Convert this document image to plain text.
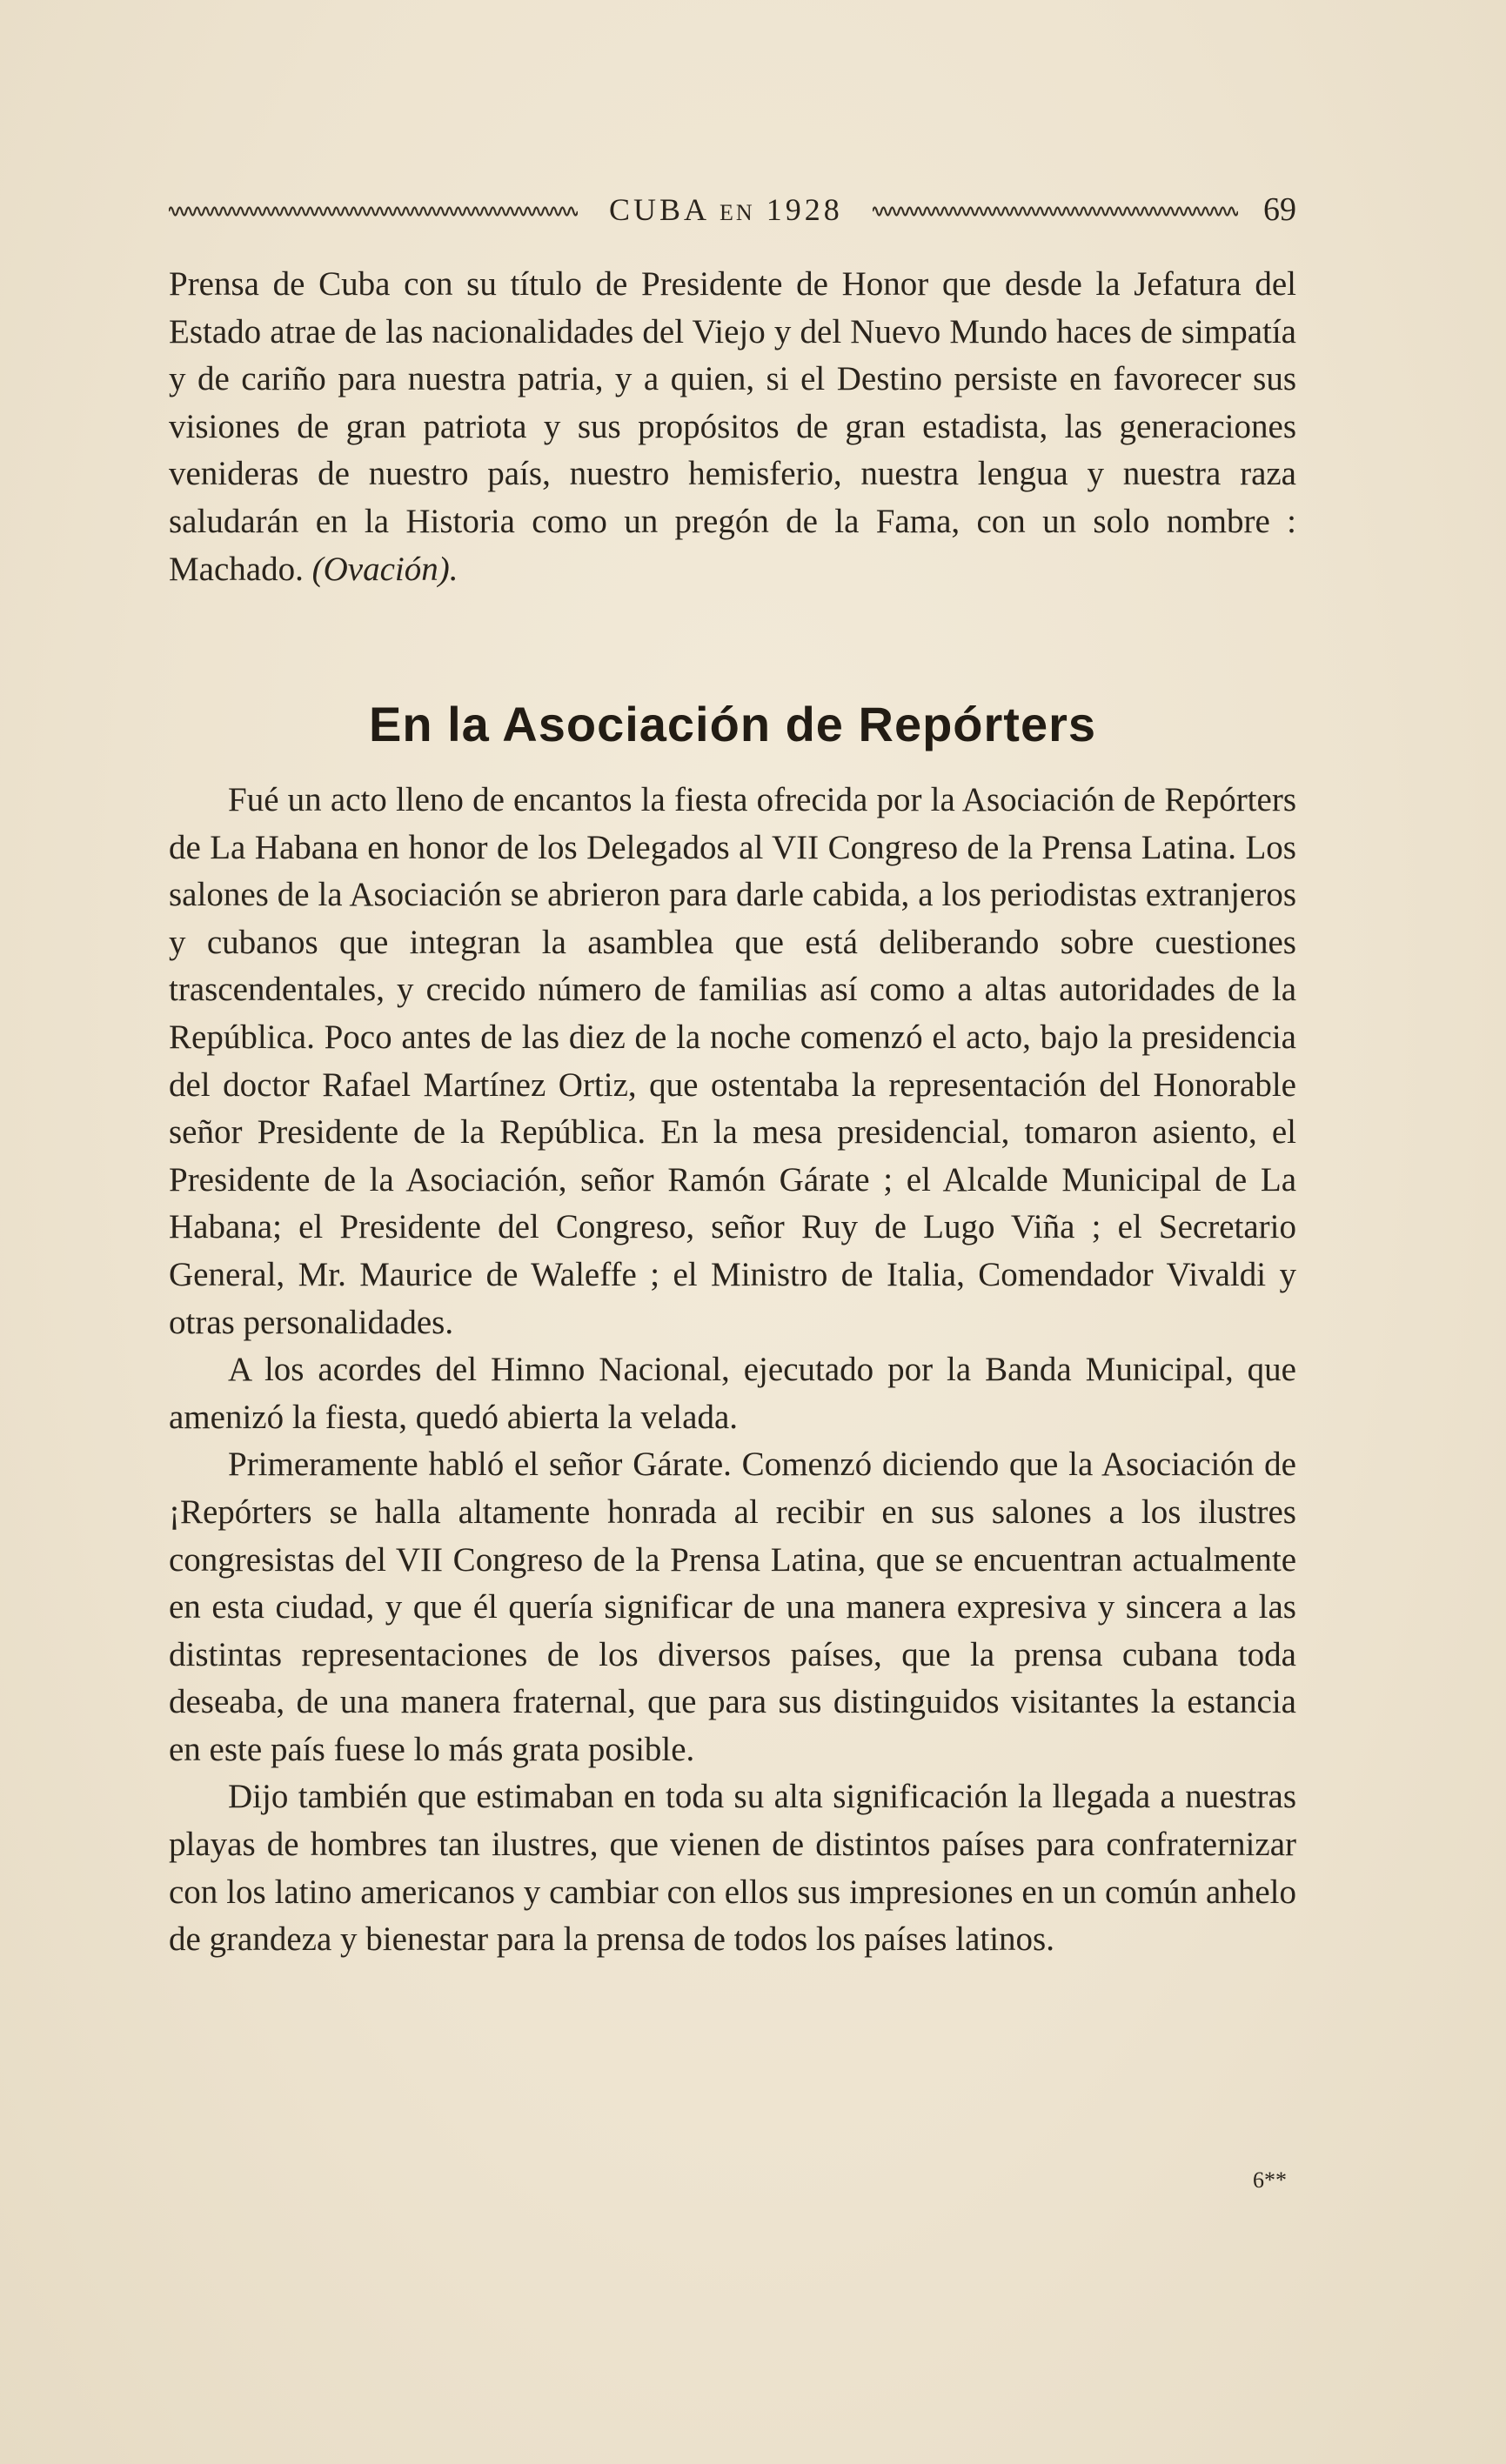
CUBA EN 1928	69

Prensa de Cuba con su título de Presidente de Honor que desde la Jefatura del Estado atrae de las nacionalidades del Viejo y del Nuevo Mundo haces de simpatía y de cariño para nuestra patria, y a quien, si el Destino persiste en favorecer sus visiones de gran patriota y sus propósitos de gran estadista, las generaciones venideras de nuestro país, nuestro hemisferio, nuestra lengua y nuestra raza saludarán en la Historia como un pregón de la Fama, con un solo nombre : Machado. (Ovación).

En la Asociación de Repórters

Fué un acto lleno de encantos la fiesta ofrecida por la Asociación de Repórters de La Habana en honor de los Delegados al VII Congreso de la Prensa Latina. Los salones de la Asociación se abrieron para darle cabida, a los periodistas extranjeros y cubanos que integran la asamblea que está deliberando sobre cuestiones trascendentales, y crecido número de familias así como a altas autoridades de la República. Poco antes de las diez de la noche comenzó el acto, bajo la presidencia del doctor Rafael Martínez Ortiz, que ostentaba la representación del Honorable señor Presidente de la República. En la mesa presidencial, tomaron asiento, el Presidente de la Asociación, señor Ramón Gárate ; el Alcalde Municipal de La Habana; el Presidente del Congreso, señor Ruy de Lugo Viña ; el Secretario General, Mr. Maurice de Waleffe ; el Ministro de Italia, Comendador Vivaldi y otras personalidades.

A los acordes del Himno Nacional, ejecutado por la Banda Municipal, que amenizó la fiesta, quedó abierta la velada.

Primeramente habló el señor Gárate. Comenzó diciendo que la Asociación de ¡Repórters se halla altamente honrada al recibir en sus salones a los ilustres congresistas del VII Congreso de la Prensa Latina, que se encuentran actualmente en esta ciudad, y que él quería significar de una manera expresiva y sincera a las distintas representaciones de los diversos países, que la prensa cubana toda deseaba, de una manera fraternal, que para sus distinguidos visitantes la estancia en este país fuese lo más grata posible.

Dijo también que estimaban en toda su alta significación la llegada a nuestras playas de hombres tan ilustres, que vienen de distintos países para confraternizar con los latino americanos y cambiar con ellos sus impresiones en un común anhelo de grandeza y bienestar para la prensa de todos los países latinos.

6**
